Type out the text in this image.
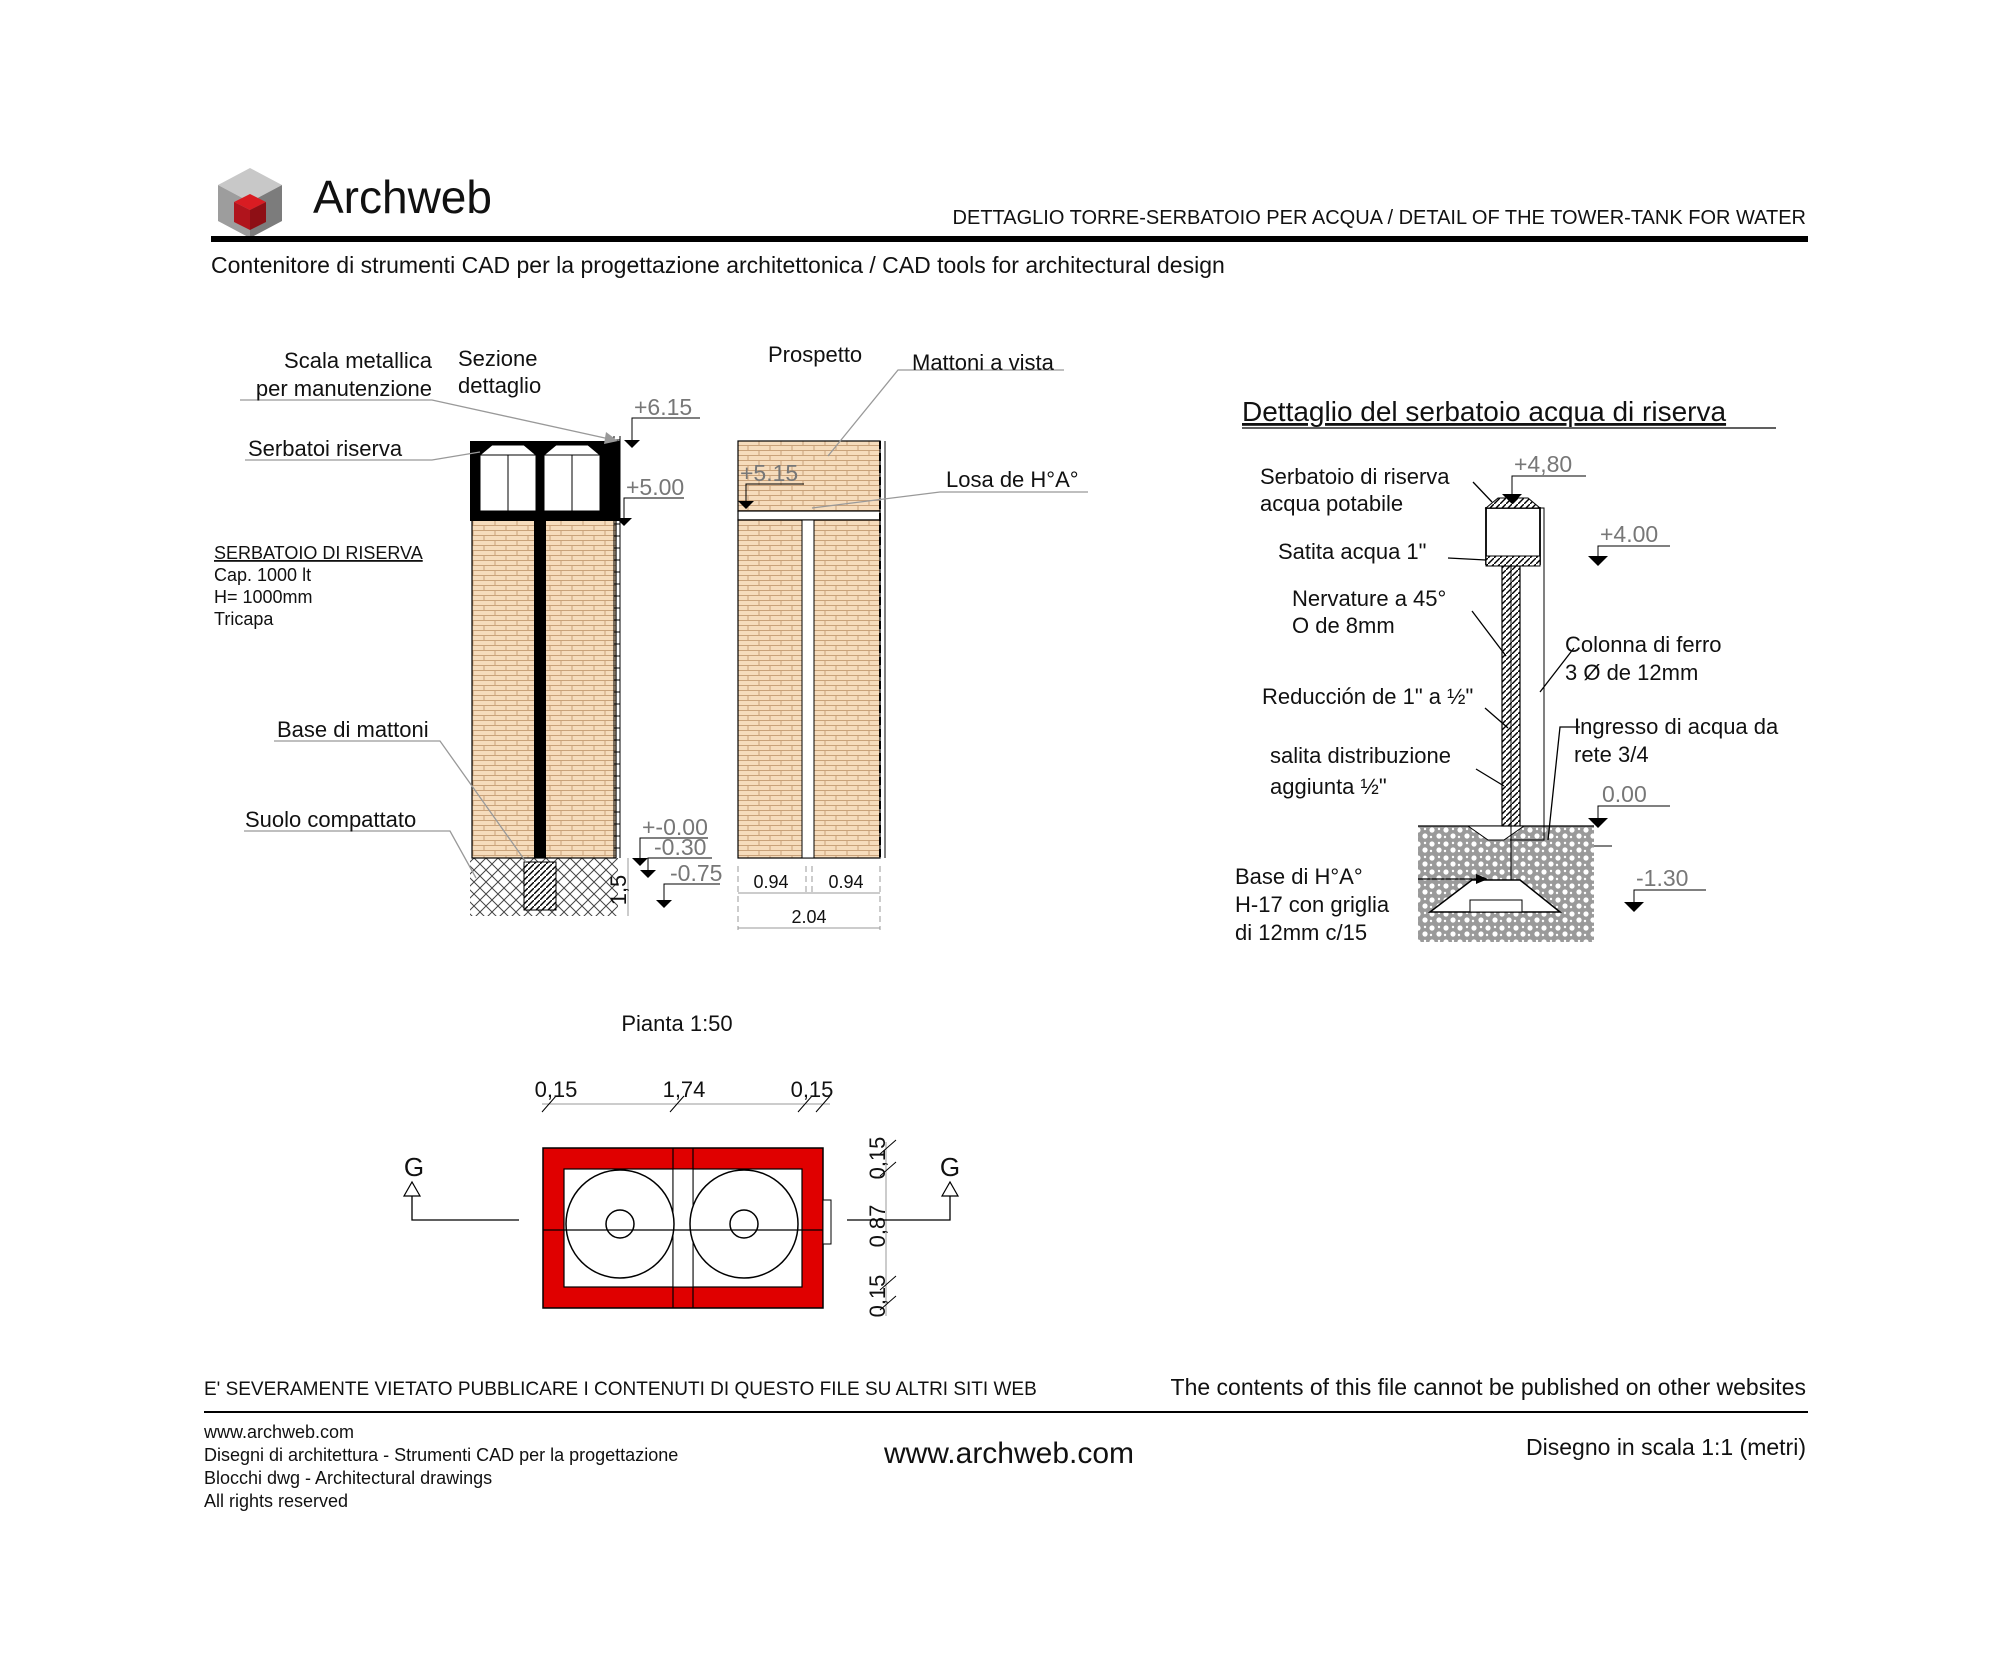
Archweb	DETTAGLIO TORRE-SERBATOIO PER ACQUA / DETAIL OF THE TOWER-TANK FOR WATER
Contenitore di strumenti CAD per la progettazione architettonica / CAD tools for architectural design
Scala metallica
per manutenzione
Sezione
dettaglio
Serbatoi riserva
SERBATOIO DI RISERVA
Cap. 1000 lt
H= 1000mm
Tricapa
Base di mattoni
Suolo compattato
+6.15
+5.00
+-0.00
-0.30
-0.75
1,5	0.94 0.94
2.04
+5.15
Prospetto Mattoni a vista
Losa de H°A°
Pianta 1:50
0,15	1,74	0,15
0,15
0,87
0,15
G	G
Dettaglio del serbatoio acqua di riserva
+4,80
+4.00
0.00
-1.30
Serbatoio di riserva
acqua potabile
Satita acqua 1"
Nervature a 45°
O de 8mm
Reducción de 1" a ½"
salita distribuzione
aggiunta ½"
Colonna di ferro
3 Ø de 12mm
Ingresso di acqua da
rete 3/4
Base di H°A°
H-17 con griglia
di 12mm c/15
E' SEVERAMENTE VIETATO PUBBLICARE I CONTENUTI DI QUESTO FILE SU ALTRI SITI WEB	The contents of this file cannot be published on other websites
www.archweb.com
Disegni di architettura - Strumenti CAD per la progettazione
Blocchi dwg - Architectural drawings
All rights reserved
www.archweb.com	Disegno in scala 1:1 (metri)
